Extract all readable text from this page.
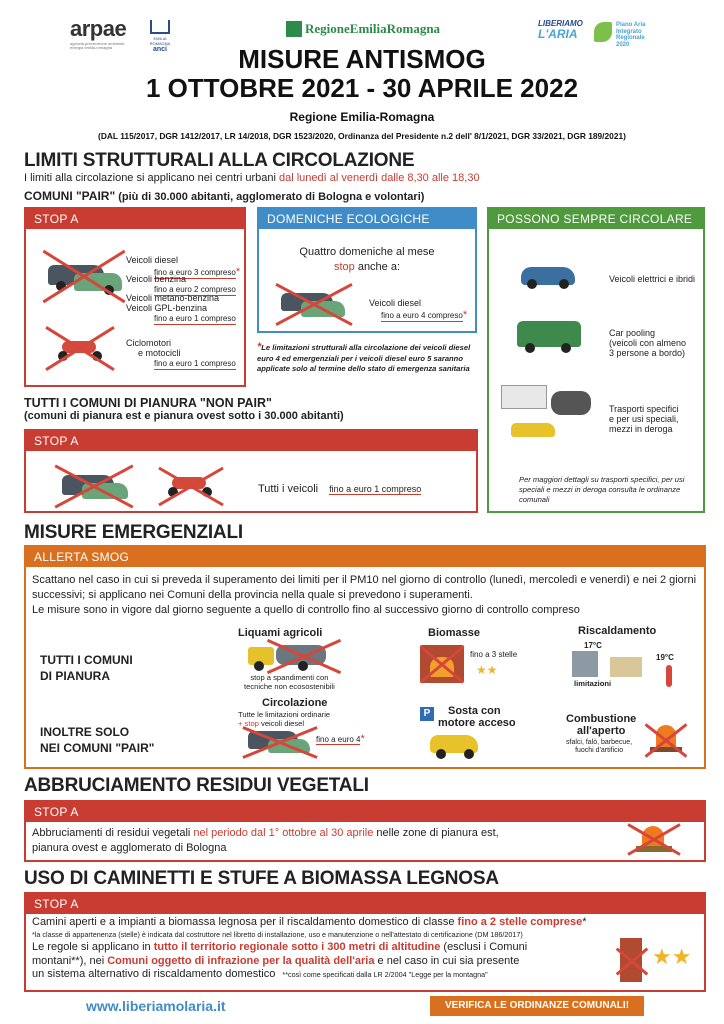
arpae
agenzia prevenzione ambiente energia emilia-romagna
EMILIA ROMAGNA
anci
RegioneEmiliaRomagna	LIBERIAMO
L'ARIA
Piano Aria Integrato Regionale 2020
MISURE ANTISMOG
1 OTTOBRE 2021 - 30 APRILE 2022
Regione Emilia-Romagna
(DAL 115/2017, DGR 1412/2017, LR 14/2018, DGR 1523/2020, Ordinanza del Presidente n.2 dell' 8/1/2021, DGR 33/2021, DGR 189/2021)
LIMITI STRUTTURALI ALLA CIRCOLAZIONE
I limiti alla circolazione si applicano nei centri urbani dal lunedì al venerdì dalle 8,30 alle 18,30
COMUNI "PAIR" (più di 30.000 abitanti, agglomerato di Bologna e volontari)
STOP A
Veicoli diesel
fino a euro 3 compreso*
Veicoli benzina
fino a euro 2 compreso
Veicoli metano-benzina
Veicoli GPL-benzina
fino a euro 1 compreso
Ciclomotori
e motocicli
fino a euro 1 compreso
DOMENICHE ECOLOGICHE
Quattro domeniche al mese
stop anche a:
Veicoli diesel
fino a euro 4 compreso*
*Le limitazioni strutturali alla circolazione dei veicoli diesel euro 4 ed emergenziali per i veicoli diesel euro 5 saranno applicate solo al termine dello stato di emergenza sanitaria
POSSONO SEMPRE CIRCOLARE
Veicoli elettrici e ibridi
Car pooling
(veicoli con almeno
3 persone a bordo)
Trasporti specifici
e per usi speciali,
mezzi in deroga
Per maggiori dettagli su trasporti specifici, per usi speciali e mezzi in deroga consulta le ordinanze comunali
TUTTI I COMUNI DI PIANURA "NON PAIR"
(comuni di pianura est e pianura ovest sotto i 30.000 abitanti)
STOP A
Tutti i veicoli fino a euro 1 compreso
MISURE EMERGENZIALI
ALLERTA SMOG
Scattano nel caso in cui si preveda il superamento dei limiti per il PM10 nel giorno di controllo (lunedì, mercoledì e venerdì) e nei 2 giorni successivi; si applicano nei Comuni della provincia nella quale si prevedono i superamenti.
Le misure sono in vigore dal giorno seguente a quello di controllo fino al successivo giorno di controllo compreso
TUTTI I COMUNI
DI PIANURA
INOLTRE SOLO
NEI COMUNI "PAIR"
Liquami agricoli
stop a spandimenti con
tecniche non ecosostenibili
Biomasse
fino a 3 stelle
★★
Riscaldamento
17°C
19°C
limitazioni
Circolazione
Tutte le limitazioni ordinarie
+ stop veicoli diesel
fino a euro 4*
P	Sosta con
motore acceso	Combustione
all'aperto
sfalci, falò, barbecue,
fuochi d'artificio
ABBRUCIAMENTO RESIDUI VEGETALI
STOP A
Abbruciamenti di residui vegetali nel periodo dal 1° ottobre al 30 aprile nelle zone di pianura est,
pianura ovest e agglomerato di Bologna
USO DI CAMINETTI E STUFE A BIOMASSA LEGNOSA
STOP A
Camini aperti e a impianti a biomassa legnosa per il riscaldamento domestico di classe fino a 2 stelle comprese*
*la classe di appartenenza (stelle) è indicata dal costruttore nel libretto di installazione, uso e manutenzione o nell'attestato di certificazione (DM 186/2017)
Le regole si applicano in tutto il territorio regionale sotto i 300 metri di altitudine (esclusi i Comuni
montani**), nei Comuni oggetto di infrazione per la qualità dell'aria e nel caso in cui sia presente
un sistema alternativo di riscaldamento domestico **così come specificati dalla LR 2/2004 "Legge per la montagna"
★★
www.liberiamolaria.it	VERIFICA LE ORDINANZE COMUNALI!
